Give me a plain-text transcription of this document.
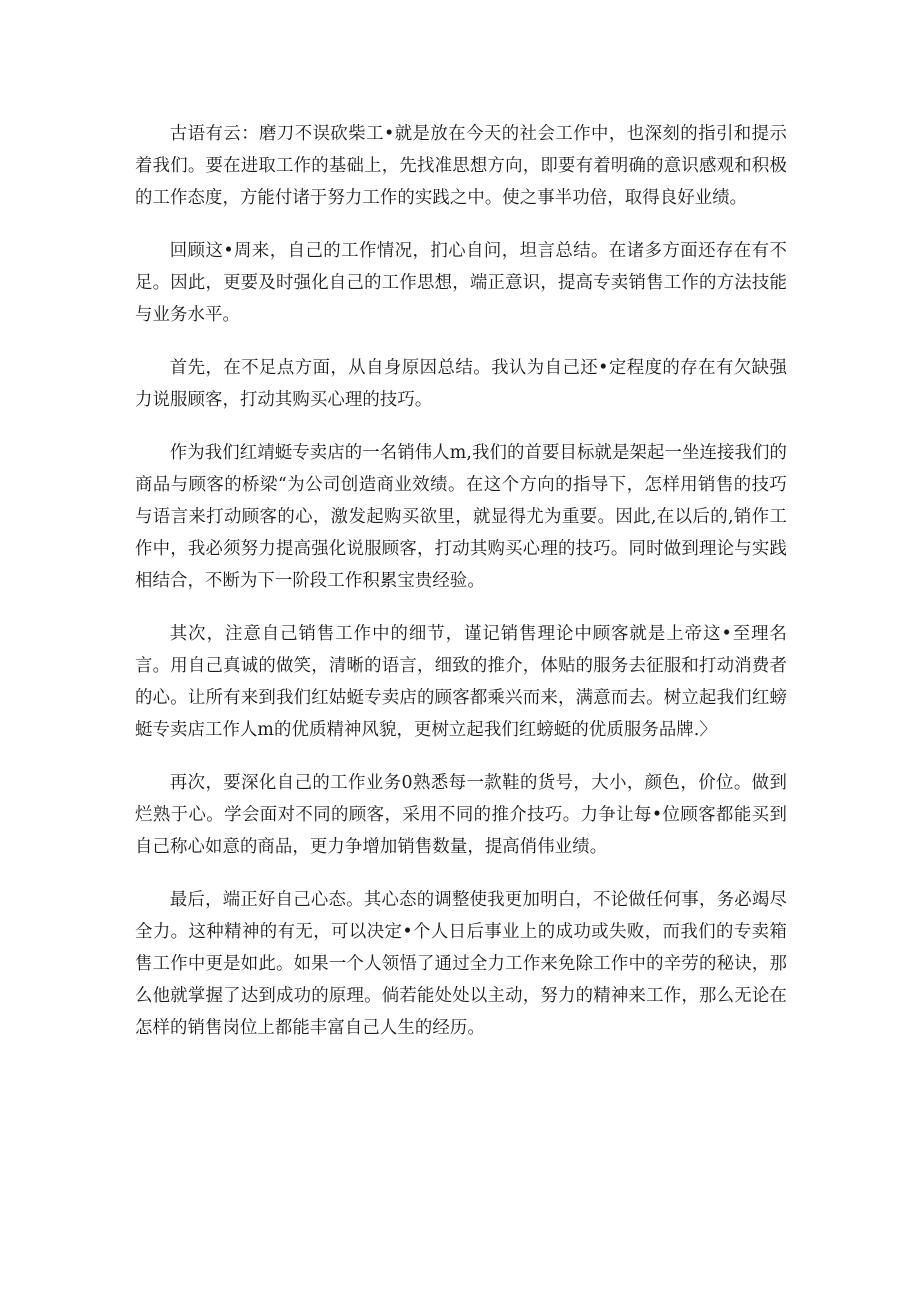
古语有云：磨刀不误砍柴工•就是放在今天的社会工作中，也深刻的指引和提示着我们。要在进取工作的基础上，先找准思想方向，即要有着明确的意识感观和积极的工作态度，方能付诸于努力工作的实践之中。使之事半功倍，取得良好业绩。

回顾这•周来，自己的工作情况，扪心自问，坦言总结。在诸多方面还存在有不足。因此，更要及时强化自己的工作思想，端正意识，提高专卖销售工作的方法技能与业务水平。

首先，在不足点方面，从自身原因总结。我认为自己还•定程度的存在有欠缺强力说服顾客，打动其购买心理的技巧。

作为我们红靖蜓专卖店的一名销伟人m,我们的首要目标就是架起一坐连接我们的商品与顾客的桥梁“为公司创造商业效绩。在这个方向的指导下，怎样用销售的技巧与语言来打动顾客的心，激发起购买欲里，就显得尤为重要。因此,在以后的,销作工作中，我必须努力提高强化说服顾客，打动其购买心理的技巧。同时做到理论与实践相结合，不断为下一阶段工作积累宝贵经验。

其次，注意自己销售工作中的细节，谨记销售理论中顾客就是上帝这•至理名言。用自己真诚的做笑，清晰的语言，细致的推介，体贴的服务去征服和打动消费者的心。让所有来到我们红姑蜓专卖店的顾客都乘兴而来，满意而去。树立起我们红螃蜓专卖店工作人m的优质精神风貌，更树立起我们红螃蜓的优质服务品牌.〉

再次，要深化自己的工作业务0熟悉每一款鞋的货号，大小，颜色，价位。做到烂熟于心。学会面对不同的顾客，采用不同的推介技巧。力争让每•位顾客都能买到自己称心如意的商品，更力争增加销售数量，提高俏伟业绩。

最后，端正好自己心态。其心态的调整使我更加明白，不论做任何事，务必竭尽全力。这种精神的有无，可以决定•个人日后事业上的成功或失败，而我们的专卖箱售工作中更是如此。如果一个人领悟了通过全力工作来免除工作中的辛劳的秘诀，那么他就掌握了达到成功的原理。倘若能处处以主动，努力的精神来工作，那么无论在怎样的销售岗位上都能丰富自己人生的经历。
